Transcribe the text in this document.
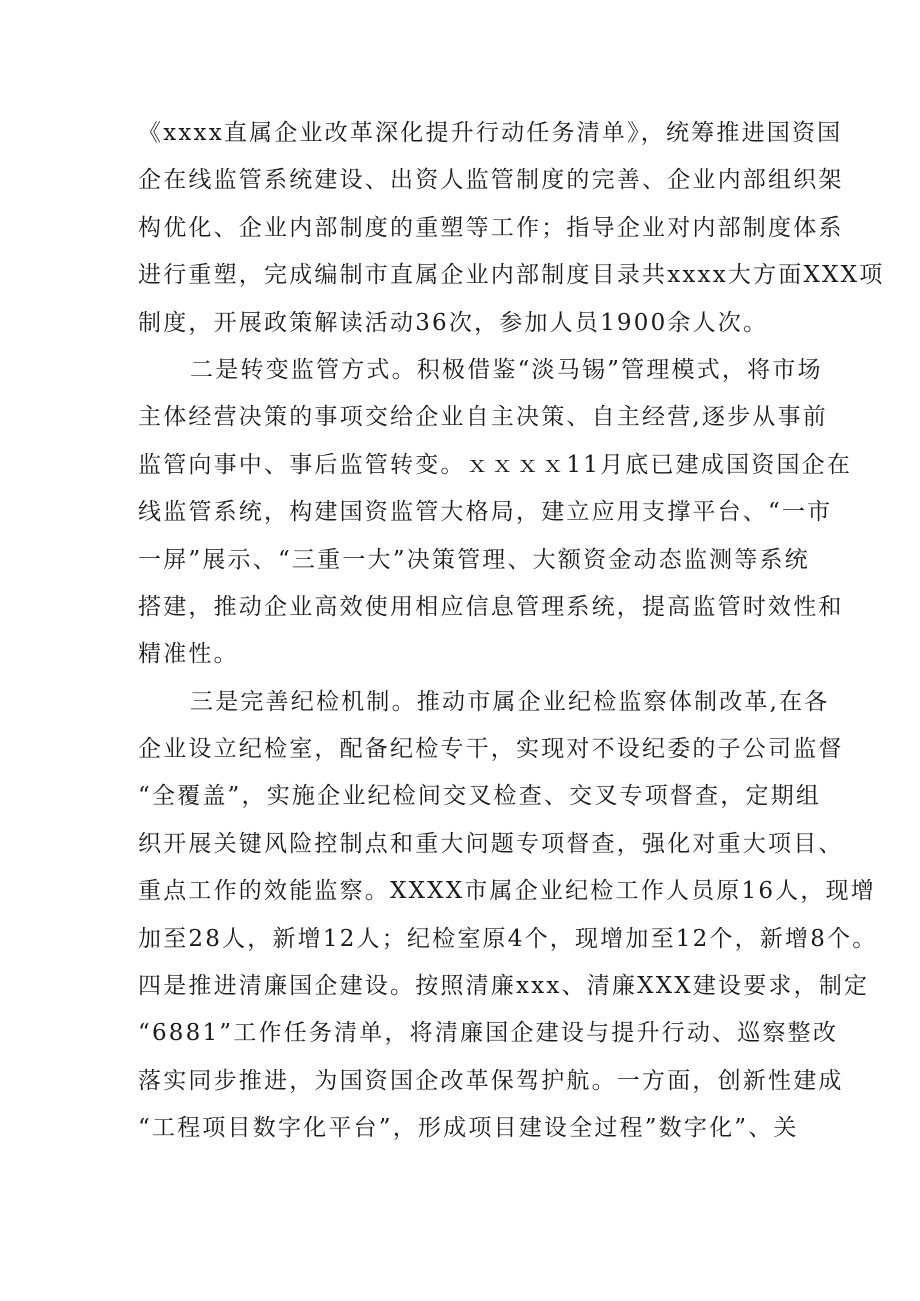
《xxxx直属企业改革深化提升行动任务清单》，统筹推进国资国
企在线监管系统建设、出资人监管制度的完善、企业内部组织架
构优化、企业内部制度的重塑等工作；指导企业对内部制度体系
进行重塑，完成编制市直属企业内部制度目录共xxxx大方面XXX项
制度，开展政策解读活动36次，参加人员1900余人次。
二是转变监管方式。积极借鉴“淡马锡”管理模式，将市场
主体经营决策的事项交给企业自主决策、自主经营,逐步从事前
监管向事中、事后监管转变。ｘｘｘｘ11月底已建成国资国企在
线监管系统，构建国资监管大格局，建立应用支撑平台、“一市
一屏”展示、“三重一大”决策管理、大额资金动态监测等系统
搭建，推动企业高效使用相应信息管理系统，提高监管时效性和
精准性。
三是完善纪检机制。推动市属企业纪检监察体制改革,在各
企业设立纪检室，配备纪检专干，实现对不设纪委的子公司监督
“全覆盖”，实施企业纪检间交叉检查、交叉专项督查，定期组
织开展关键风险控制点和重大问题专项督查，强化对重大项目、
重点工作的效能监察。XXXX市属企业纪检工作人员原16人，现增
加至28人，新增12人；纪检室原4个，现增加至12个，新增8个。
四是推进清廉国企建设。按照清廉xxx、清廉XXX建设要求，制定
“6881”工作任务清单，将清廉国企建设与提升行动、巡察整改
落实同步推进，为国资国企改革保驾护航。一方面，创新性建成
“工程项目数字化平台”，形成项目建设全过程”数字化”、关
